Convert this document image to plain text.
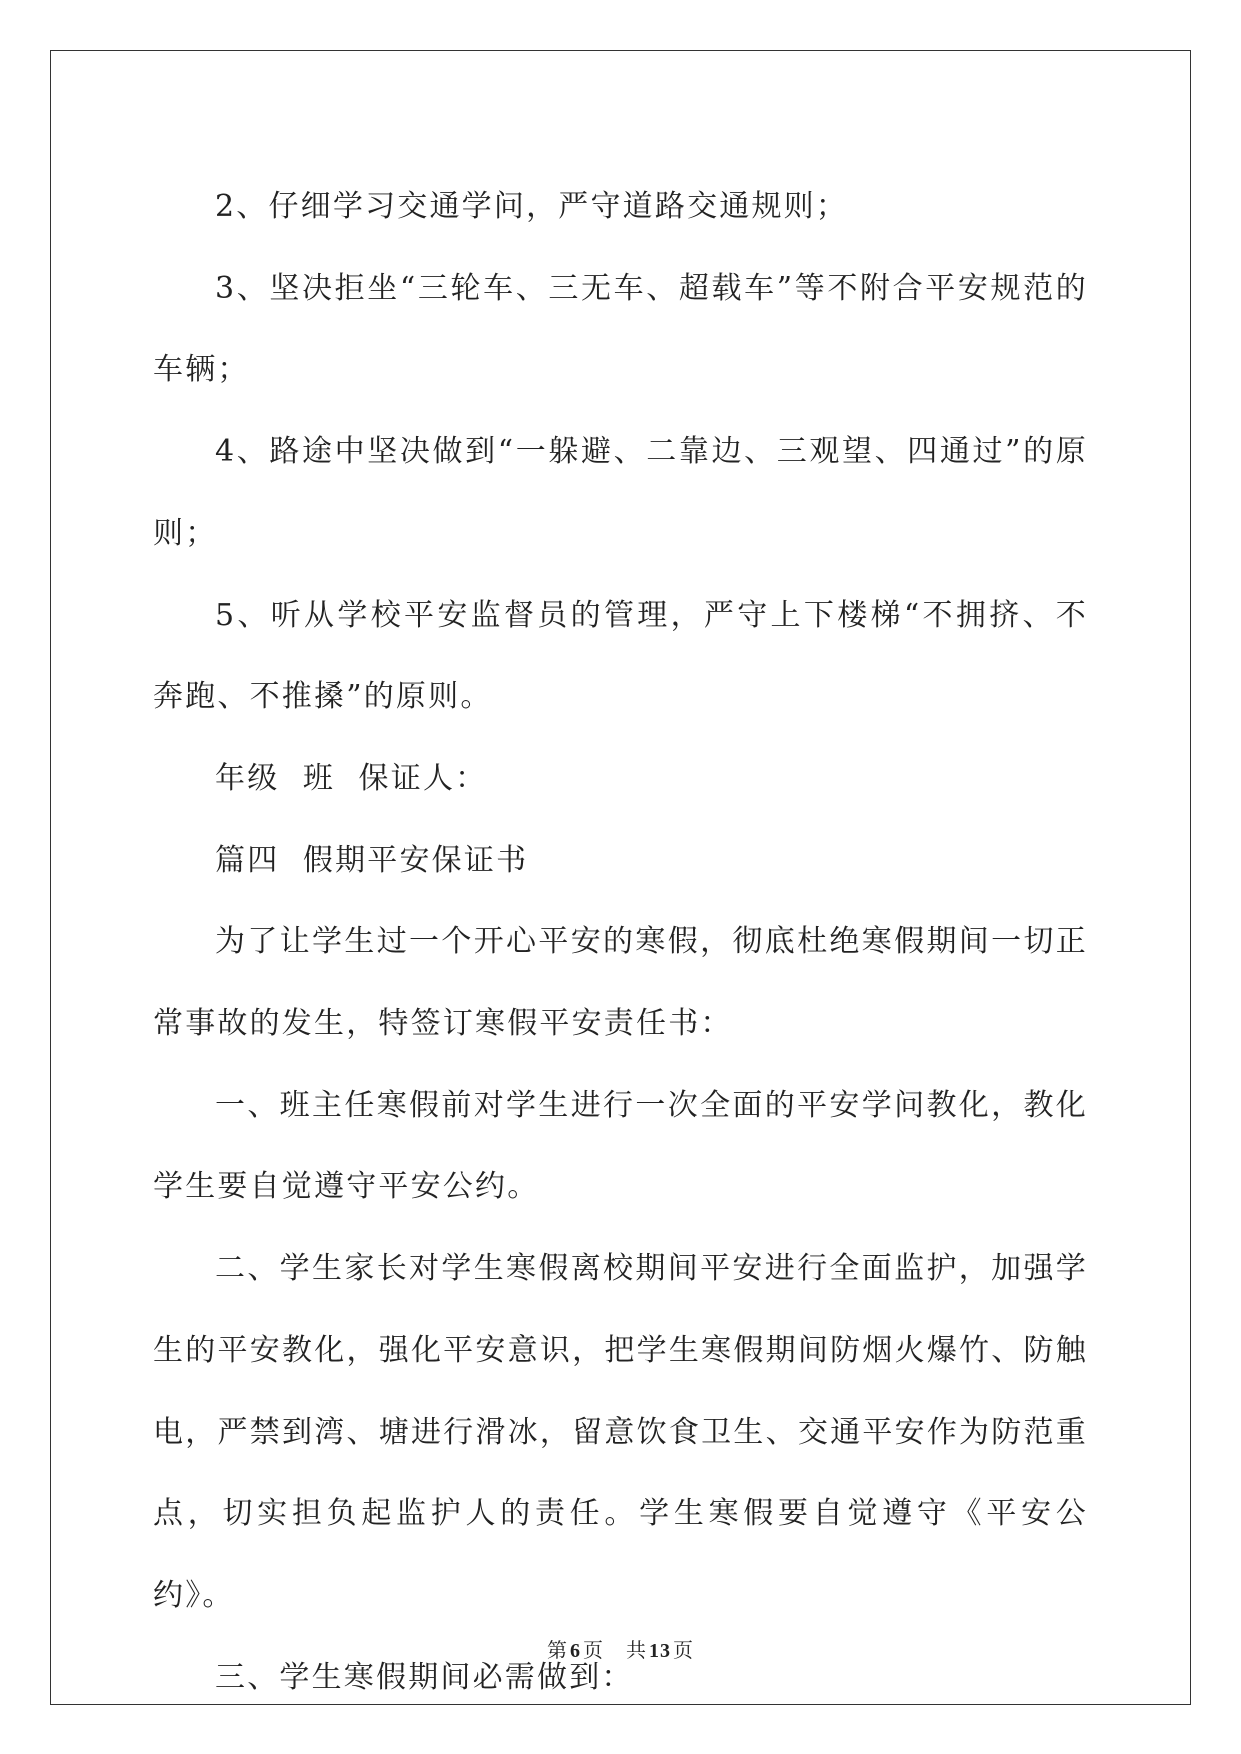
2、仔细学习交通学问，严守道路交通规则；

3、坚决拒坐“三轮车、三无车、超载车”等不附合平安规范的车辆；

4、路途中坚决做到“一躲避、二靠边、三观望、四通过”的原则；

5、听从学校平安监督员的管理，严守上下楼梯“不拥挤、不奔跑、不推搡”的原则。

年级  班  保证人：

篇四  假期平安保证书

为了让学生过一个开心平安的寒假，彻底杜绝寒假期间一切正常事故的发生，特签订寒假平安责任书：

一、班主任寒假前对学生进行一次全面的平安学问教化，教化学生要自觉遵守平安公约。

二、学生家长对学生寒假离校期间平安进行全面监护，加强学生的平安教化，强化平安意识，把学生寒假期间防烟火爆竹、防触电，严禁到湾、塘进行滑冰，留意饮食卫生、交通平安作为防范重点，切实担负起监护人的责任。学生寒假要自觉遵守《平安公约》。

三、学生寒假期间必需做到：

第 6 页 共 13 页
